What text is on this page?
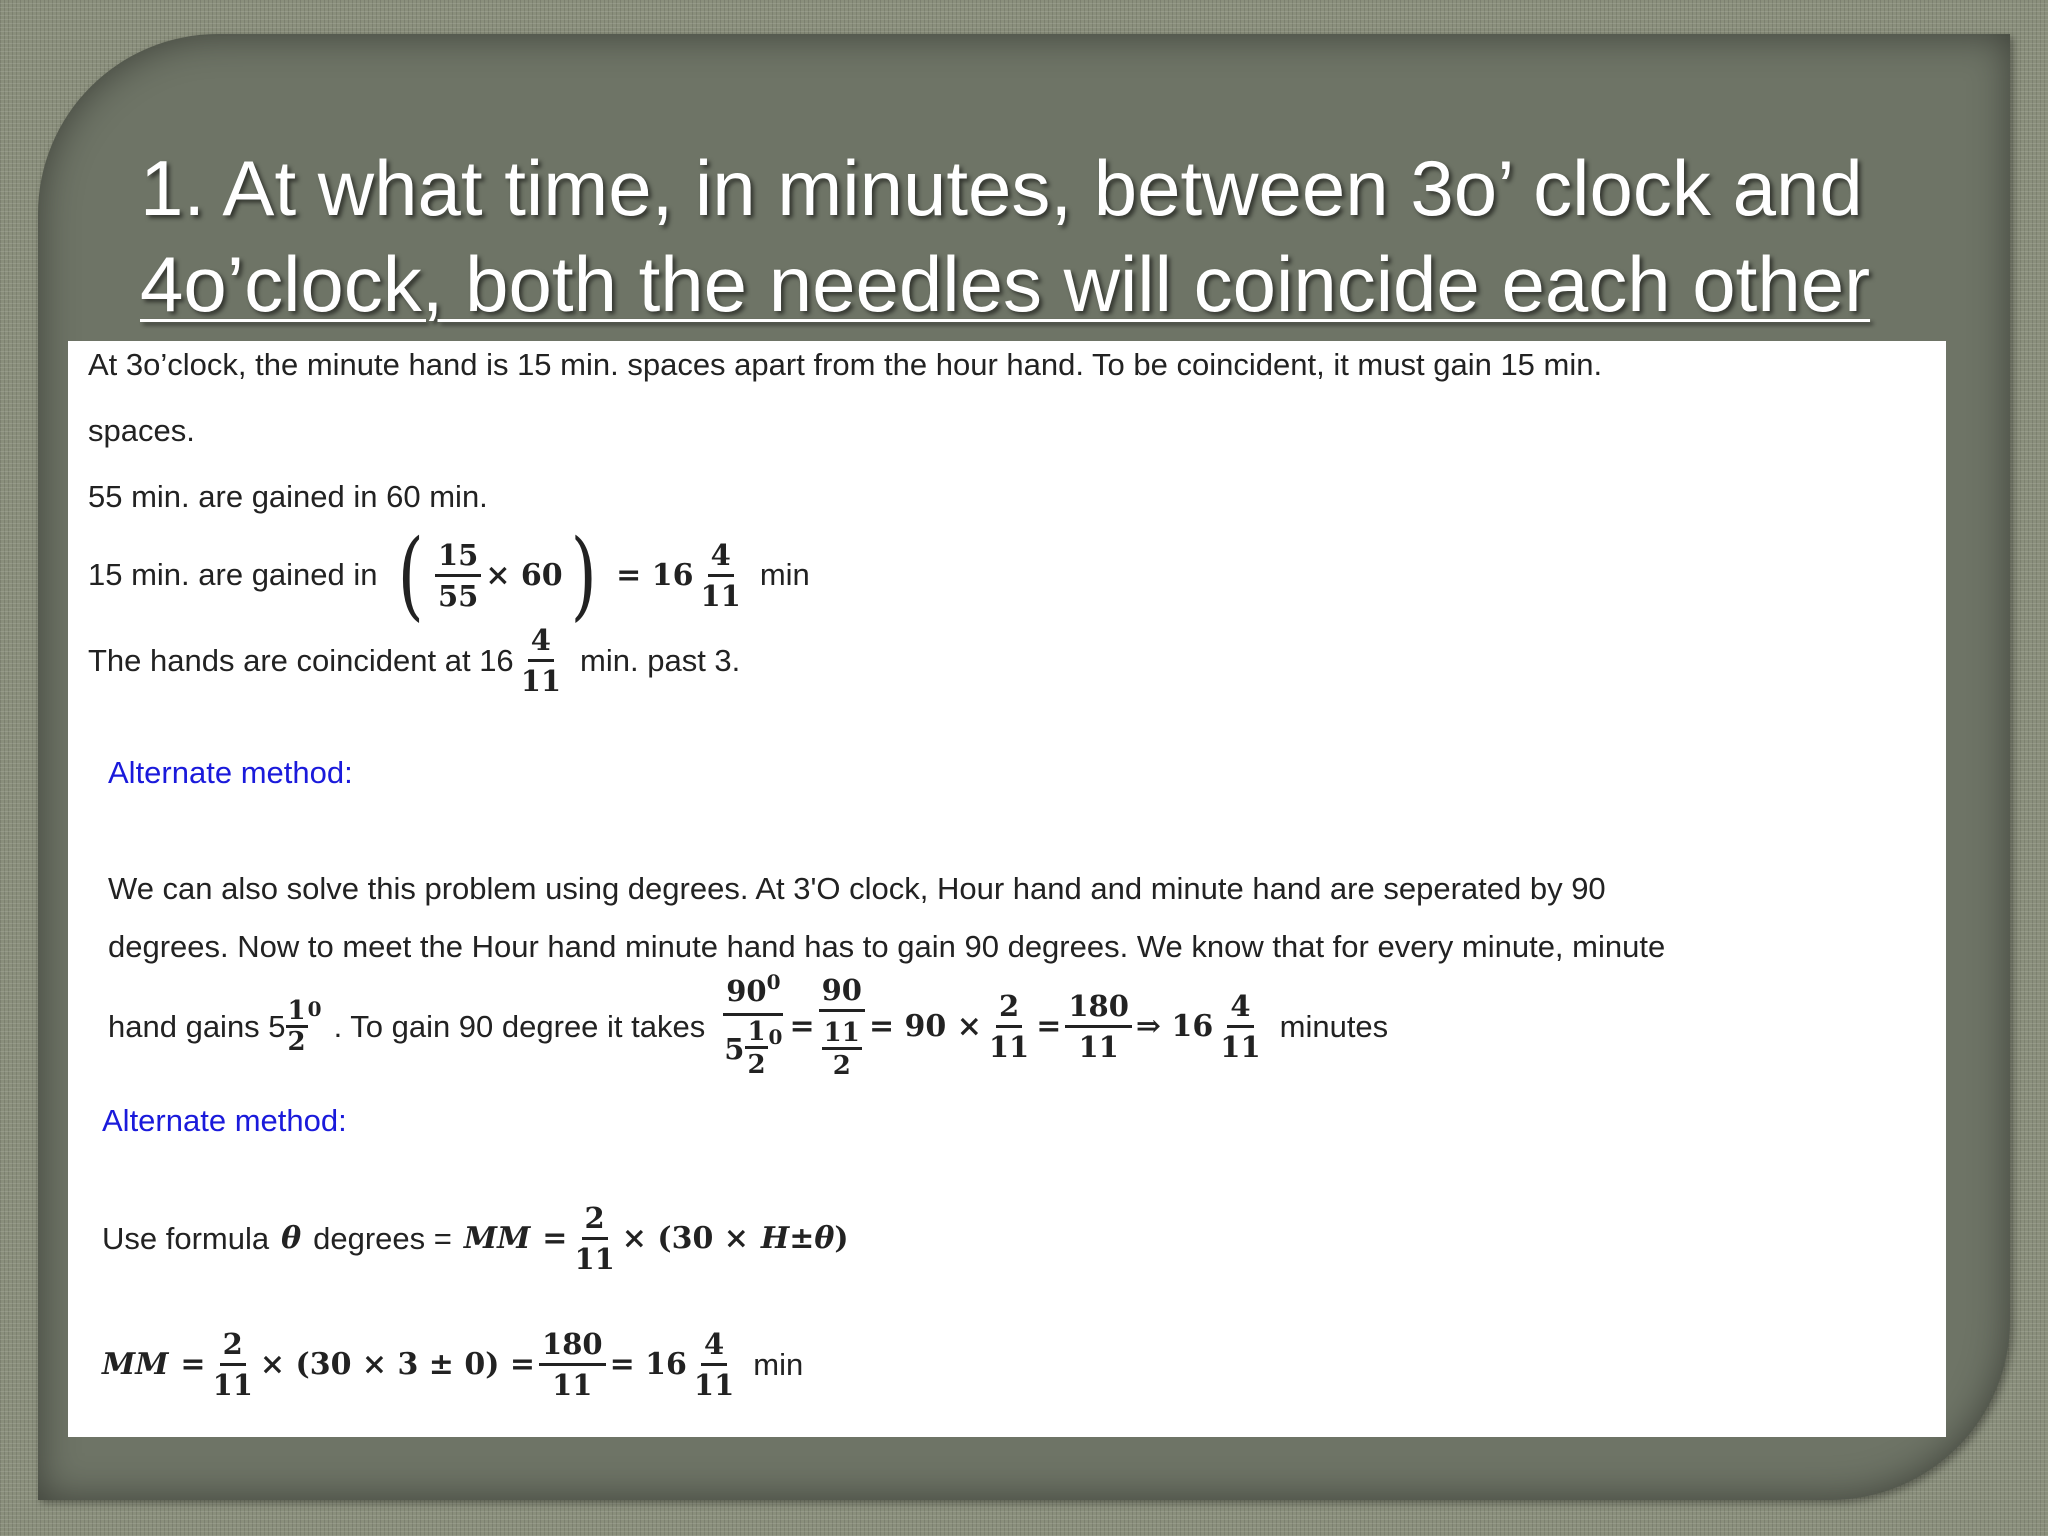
1. At what time, in minutes, between 3o’ clock and
4o’clock, both the needles will coincide each other
At 3o’clock, the minute hand is 15 min. spaces apart from the hour hand. To be coincident, it must gain 15 min.
spaces.
55 min. are gained in 60 min.
15 min. are gained in ( $\frac{15}{55} \times 60$ ) = $16 \frac{4}{11}$ min
The hands are coincident at $16 \frac{4}{11} \min$. past 3.
Alternate method:
We can also solve this problem using degrees. At 3'O clock, Hour hand and minute hand are seperated by 90
degrees. Now to meet the Hour hand minute hand has to gain 90 degrees. We know that for every minute, minute
hand gains $5 \frac{1}{2} 0$ . To gain 90 degree it takes $\frac{90^0}{5 \frac{1}{2} 0} = \frac{90}{\frac{11}{2}} = 90 \times \frac{2}{11} = \frac{180}{11}$ ⇒ $16 \frac{4}{11}$ minutes
Alternate method:
Use formula θ degrees = MM = $\frac{2}{11} \times (30 \times H \pm \theta$ )
MM = $\frac{2}{11} \times (30 \times 3 \pm 0) = \frac{180}{11} = 16 \frac{4}{11}$ min
